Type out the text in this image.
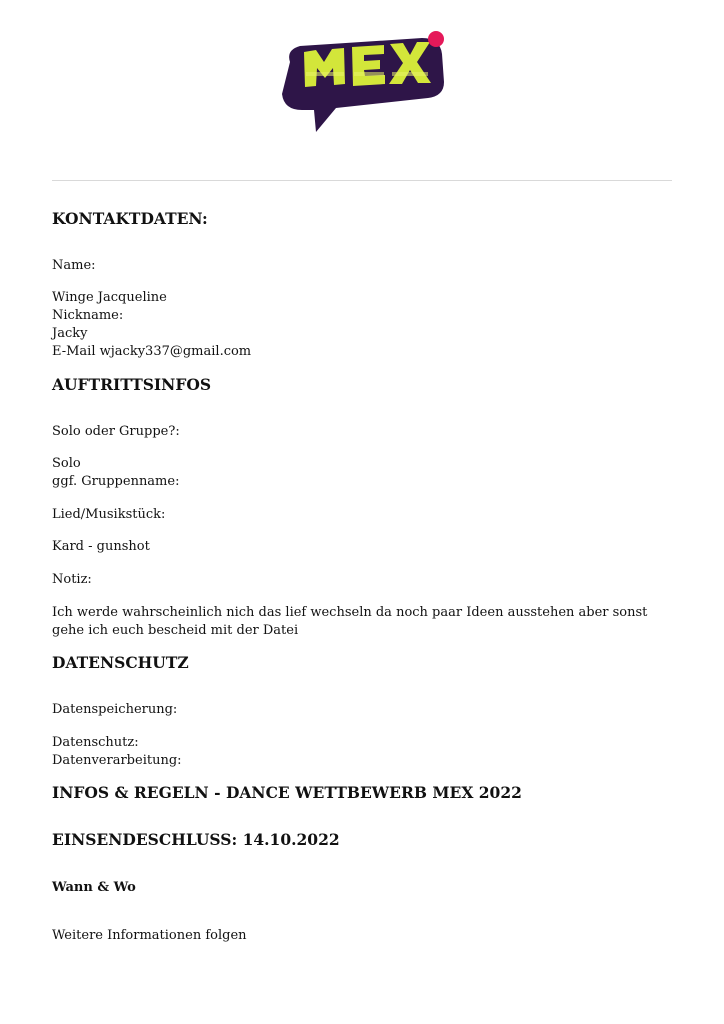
KONTAKTDATEN:

Name:

Winge Jacqueline

Nickname:

Jacky

E-Mail wjacky337@gmail.com

AUFTRITTSINFOS

Solo oder Gruppe?:

Solo

ggf. Gruppenname:

Lied/Musikstück:

Kard - gunshot

Notiz:

Ich werde wahrscheinlich nich das lief wechseln da noch paar Ideen ausstehen aber sonst gehe ich euch bescheid mit der Datei

DATENSCHUTZ

Datenspeicherung:

Datenschutz:

Datenverarbeitung:

INFOS & REGELN - DANCE WETTBEWERB MEX 2022
EINSENDESCHLUSS: 14.10.2022
Wann & Wo

Weitere Informationen folgen
